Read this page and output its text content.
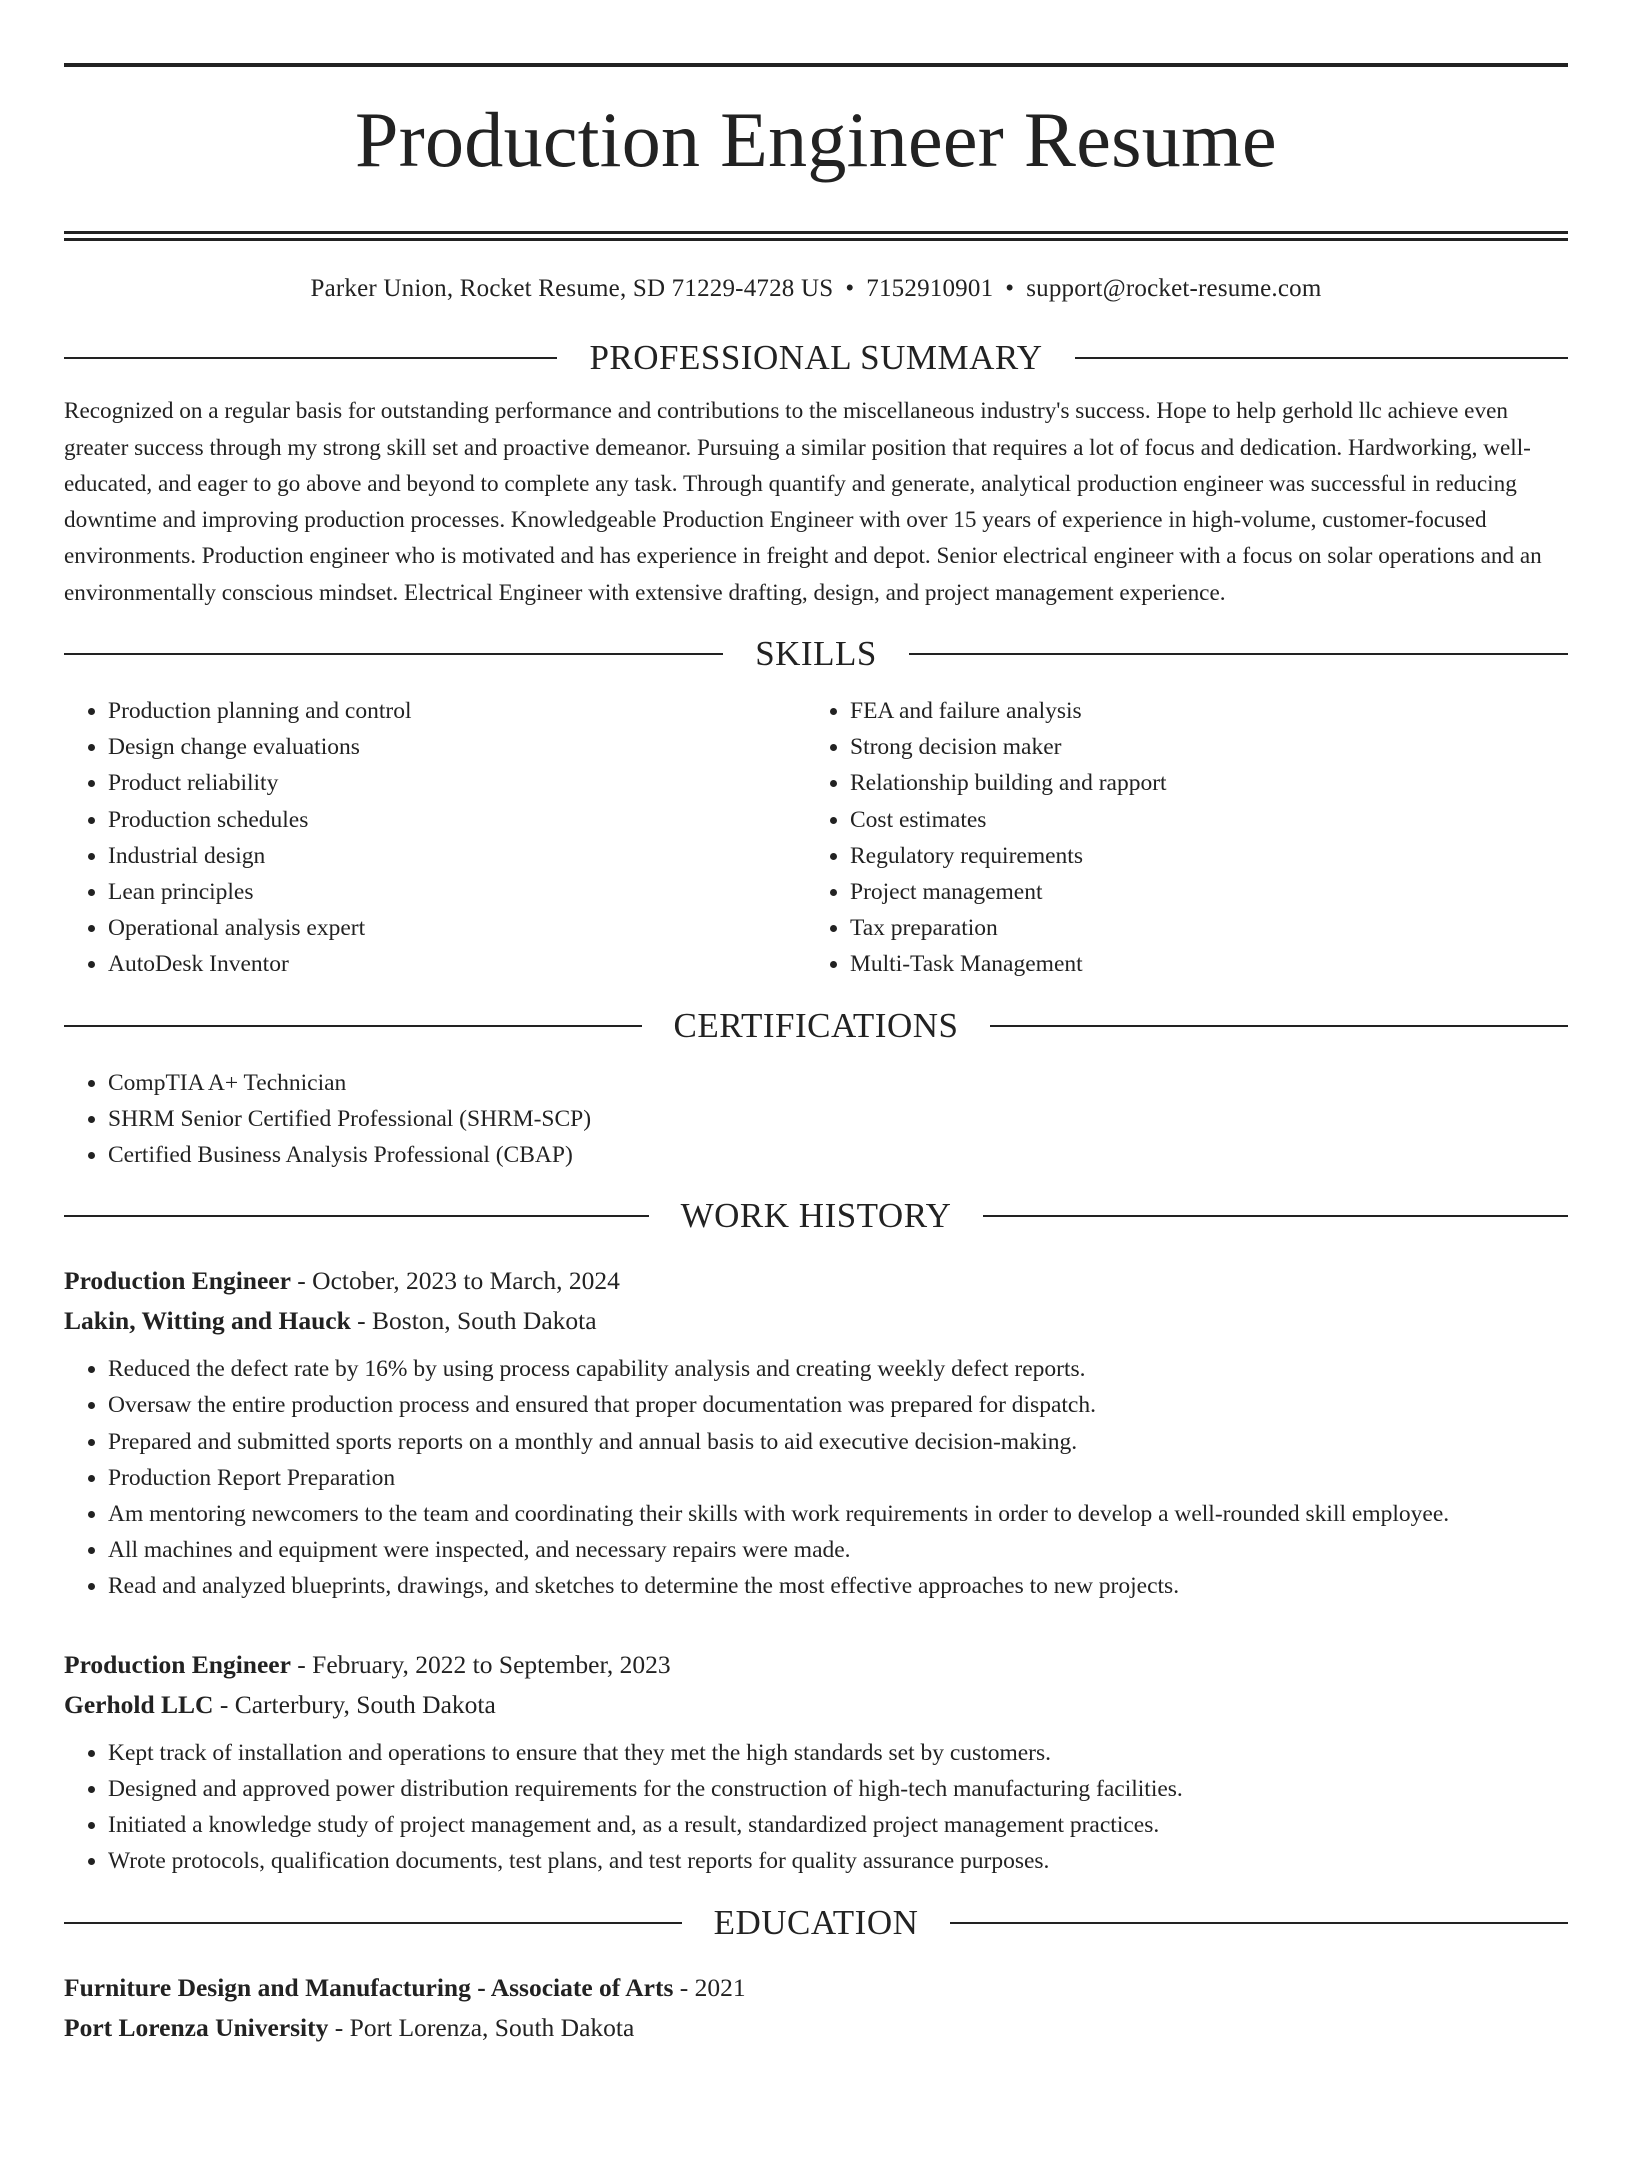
Production Engineer Resume
Parker Union, Rocket Resume, SD 71229-4728 US • 7152910901 • support@rocket-resume.com
PROFESSIONAL SUMMARY

Recognized on a regular basis for outstanding performance and contributions to the miscellaneous industry's success. Hope to help gerhold llc achieve even greater success through my strong skill set and proactive demeanor. Pursuing a similar position that requires a lot of focus and dedication. Hardworking, well-educated, and eager to go above and beyond to complete any task. Through quantify and generate, analytical production engineer was successful in reducing downtime and improving production processes. Knowledgeable Production Engineer with over 15 years of experience in high-volume, customer-focused environments. Production engineer who is motivated and has experience in freight and depot. Senior electrical engineer with a focus on solar operations and an environmentally conscious mindset. Electrical Engineer with extensive drafting, design, and project management experience.

SKILLS
• Production planning and control
• Design change evaluations
• Product reliability
• Production schedules
• Industrial design
• Lean principles
• Operational analysis expert
• AutoDesk Inventor
• FEA and failure analysis
• Strong decision maker
• Relationship building and rapport
• Cost estimates
• Regulatory requirements
• Project management
• Tax preparation
• Multi-Task Management
CERTIFICATIONS
• CompTIA A+ Technician
• SHRM Senior Certified Professional (SHRM-SCP)
• Certified Business Analysis Professional (CBAP)
WORK HISTORY
Production Engineer - October, 2023 to March, 2024
Lakin, Witting and Hauck - Boston, South Dakota
• Reduced the defect rate by 16% by using process capability analysis and creating weekly defect reports.
• Oversaw the entire production process and ensured that proper documentation was prepared for dispatch.
• Prepared and submitted sports reports on a monthly and annual basis to aid executive decision-making.
• Production Report Preparation
• Am mentoring newcomers to the team and coordinating their skills with work requirements in order to develop a well-rounded skill employee.
• All machines and equipment were inspected, and necessary repairs were made.
• Read and analyzed blueprints, drawings, and sketches to determine the most effective approaches to new projects.
Production Engineer - February, 2022 to September, 2023
Gerhold LLC - Carterbury, South Dakota
• Kept track of installation and operations to ensure that they met the high standards set by customers.
• Designed and approved power distribution requirements for the construction of high-tech manufacturing facilities.
• Initiated a knowledge study of project management and, as a result, standardized project management practices.
• Wrote protocols, qualification documents, test plans, and test reports for quality assurance purposes.
EDUCATION
Furniture Design and Manufacturing - Associate of Arts - 2021
Port Lorenza University - Port Lorenza, South Dakota
